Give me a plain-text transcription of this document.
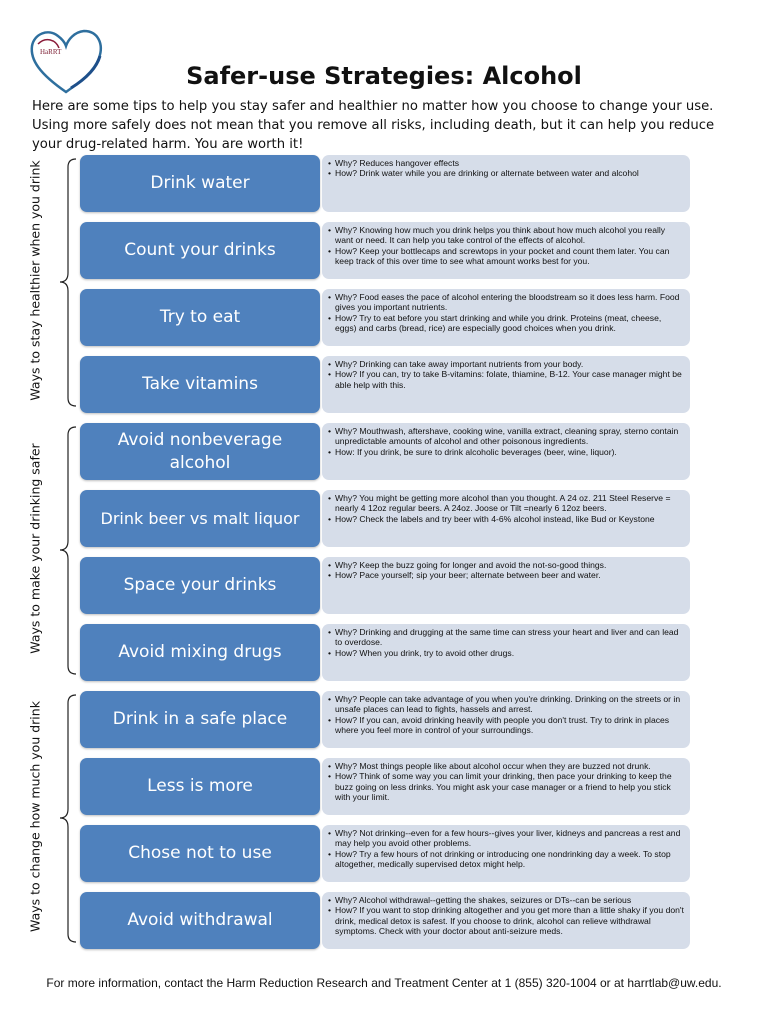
HaRRT
Safer-use Strategies: Alcohol
Here are some tips to help you stay safer and healthier no matter how you choose to change your use. Using more safely does not mean that you remove all risks, including death, but it can help you reduce your drug-related harm. You are worth it!
Ways to stay healthier when you drink
Ways to make your drinking safer
Ways to change how much you drink
Drink water
• Why? Reduces hangover effects
• How? Drink water while you are drinking or alternate between water and alcohol
Count your drinks
• Why? Knowing how much you drink helps you think about how much alcohol you really want or need. It can help you take control of the effects of alcohol.
• How? Keep your bottlecaps and screwtops in your pocket and count them later. You can keep track of this over time to see what amount works best for you.
Try to eat
• Why? Food eases the pace of alcohol entering the bloodstream so it does less harm. Food gives you important nutrients.
• How? Try to eat before you start drinking and while you drink. Proteins (meat, cheese, eggs) and carbs (bread, rice) are especially good choices when you drink.
Take vitamins
• Why? Drinking can take away important nutrients from your body.
• How? If you can, try to take B-vitamins: folate, thiamine, B-12. Your case manager might be able help with this.
Avoid nonbeverage alcohol
• Why? Mouthwash, aftershave, cooking wine, vanilla extract, cleaning spray, sterno contain unpredictable amounts of alcohol and other poisonous ingredients.
• How: If you drink, be sure to drink alcoholic beverages (beer, wine, liquor).
Drink beer vs malt liquor
• Why? You might be getting more alcohol than you thought. A 24 oz. 211 Steel Reserve = nearly 4 12oz regular beers. A 24oz. Joose or Tilt =nearly 6 12oz beers.
• How? Check the labels and try beer with 4-6% alcohol instead, like Bud or Keystone
Space your drinks
• Why? Keep the buzz going for longer and avoid the not-so-good things.
• How? Pace yourself; sip your beer; alternate between beer and water.
Avoid mixing drugs
• Why? Drinking and drugging at the same time can stress your heart and liver and can lead to overdose.
• How? When you drink, try to avoid other drugs.
Drink in a safe place
• Why? People can take advantage of you when you're drinking. Drinking on the streets or in unsafe places can lead to fights, hassels and arrest.
• How? If you can, avoid drinking heavily with people you don't trust. Try to drink in places where you feel more in control of your surroundings.
Less is more
• Why? Most things people like about alcohol occur when they are buzzed not drunk.
• How? Think of some way you can limit your drinking, then pace your drinking to keep the buzz going on less drinks. You might ask your case manager or a friend to help you stick with your limit.
Chose not to use
• Why? Not drinking--even for a few hours--gives your liver, kidneys and pancreas a rest and may help you avoid other problems.
• How? Try a few hours of not drinking or introducing one nondrinking day a week. To stop altogether, medically supervised detox might help.
Avoid withdrawal
• Why? Alcohol withdrawal--getting the shakes, seizures or DTs--can be serious
• How? If you want to stop drinking altogether and you get more than a little shaky if you don't drink, medical detox is safest. If you choose to drink, alcohol can relieve withdrawal symptoms. Check with your doctor about anti-seizure meds.
For more information, contact the Harm Reduction Research and Treatment Center at 1 (855) 320-1004 or at harrtlab@uw.edu.
